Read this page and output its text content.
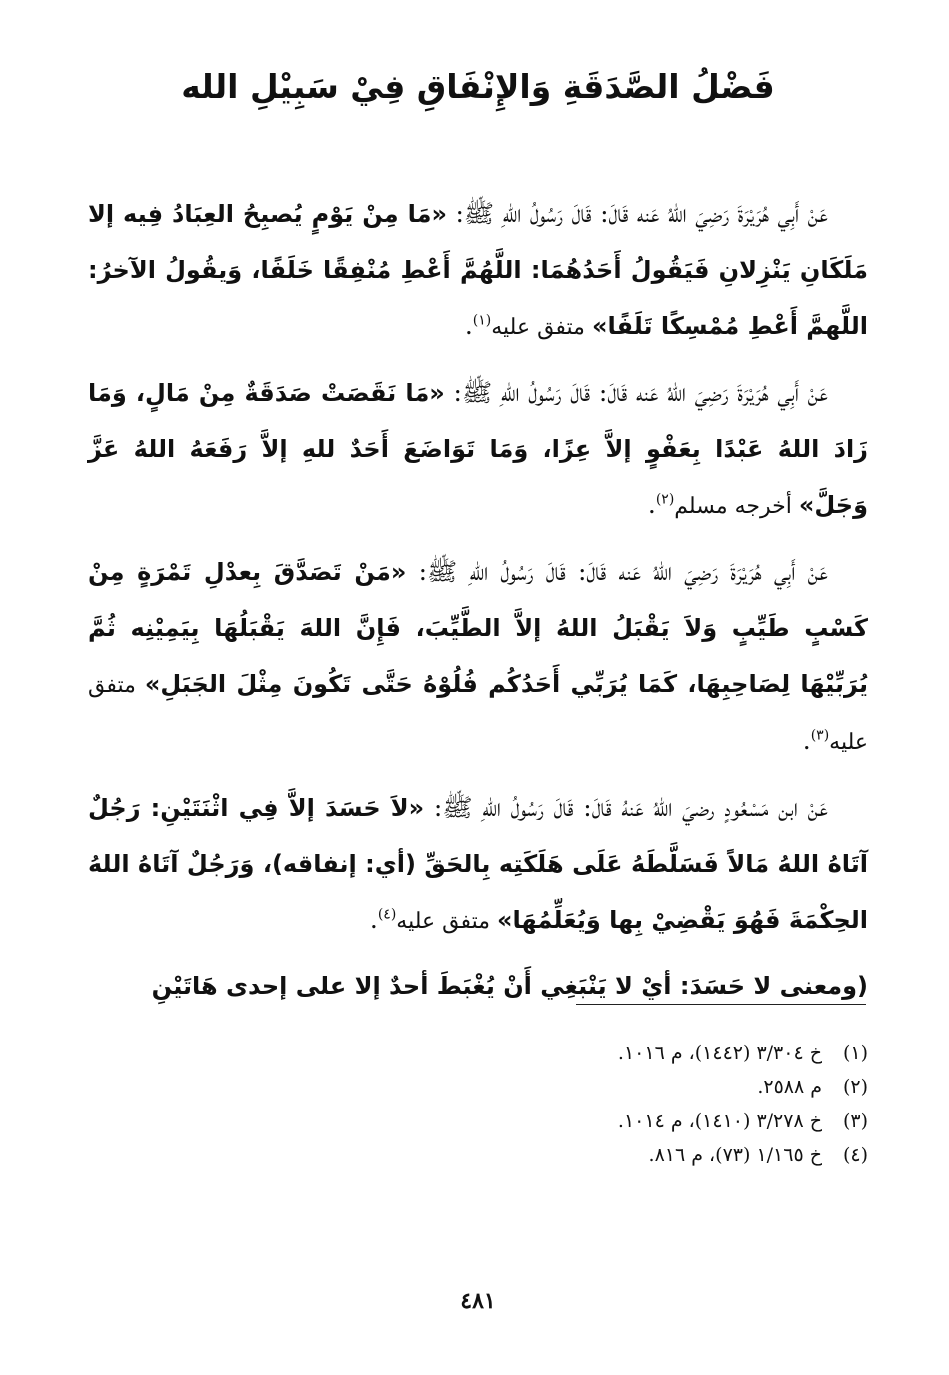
فَضْلُ الصَّدَقَةِ وَالإِنْفَاقِ فِيْ سَبِيْلِ الله

عَنْ أَبِي هُرَيْرَةَ رَضِيَ اللهُ عَنه قَالَ: قَالَ رَسُولُ اللهِ ﷺ: «مَا مِنْ يَوْمٍ يُصبِحُ العِبَادُ فِيه إلا مَلَكَانِ يَنْزِلانِ فَيَقُولُ أَحَدُهُمَا: اللَّهُمَّ أَعْطِ مُنْفِقًا خَلَفًا، وَيقُولُ الآخرُ: اللَّهمَّ أَعْطِ مُمْسِكًا تَلَفًا» متفق عليه$^{(١)}$.

عَنْ أَبِي هُرَيْرَةَ رَضِيَ اللهُ عَنه قَالَ: قَالَ رَسُولُ اللهِ ﷺ: «مَا نَقَصَتْ صَدَقَةٌ مِنْ مَالٍ، وَمَا زَادَ اللهُ عَبْدًا بِعَفْوٍ إلاَّ عِزًا، وَمَا تَوَاضَعَ أَحَدٌ للهِ إلاَّ رَفَعَهُ اللهُ عَزَّ وَجَلَّ» أخرجه مسلم$^{(٢)}$.

عَنْ أَبِي هُرَيْرَةَ رَضِيَ اللهُ عَنه قَالَ: قَالَ رَسُولُ اللهِ ﷺ: «مَنْ تَصَدَّقَ بِعدْلِ تَمْرَةٍ مِنْ كَسْبٍ طَيِّبٍ وَلاَ يَقْبَلُ اللهُ إلاَّ الطَّيِّبَ، فَإِنَّ اللهَ يَقْبَلُهَا بِيَمِيْنِه ثُمَّ يُرَبِّيْهَا لِصَاحِبِهَا، كَمَا يُرَبِّي أَحَدُكُم فُلُوْهُ حَتَّى تَكُونَ مِثْلَ الجَبَلِ» متفق عليه$^{(٣)}$.

عَنْ ابن مَسْعُودٍ رضيَ اللهُ عَنهُ قَالَ: قَالَ رَسُولُ اللهِ ﷺ: «لاَ حَسَدَ إلاَّ فِي اثْنَتَيْنِ: رَجُلٌ آتَاهُ اللهُ مَالاً فَسَلَّطَهُ عَلَى هَلَكَتِه بِالحَقِّ (أي: إنفاقه)، وَرَجُلٌ آتَاهُ اللهُ الحِكْمَةَ فَهُوَ يَقْضِيْ بِها وَيُعَلِّمُهَا» متفق عليه$^{(٤)}$.

(ومعنى لا حَسَدَ: أيْ لا يَنْبَغِي أَنْ يُغْبَطَ أحدٌ إلا على إحدى هَاتَيْنِ

(١)
خ ٣/٣٠٤ (١٤٤٢)، م ١٠١٦.
(٢)
م ٢٥٨٨.
(٣)
خ ٣/٢٧٨ (١٤١٠)، م ١٠١٤.
(٤)
خ ١/١٦٥ (٧٣)، م ٨١٦.
٤٨١
